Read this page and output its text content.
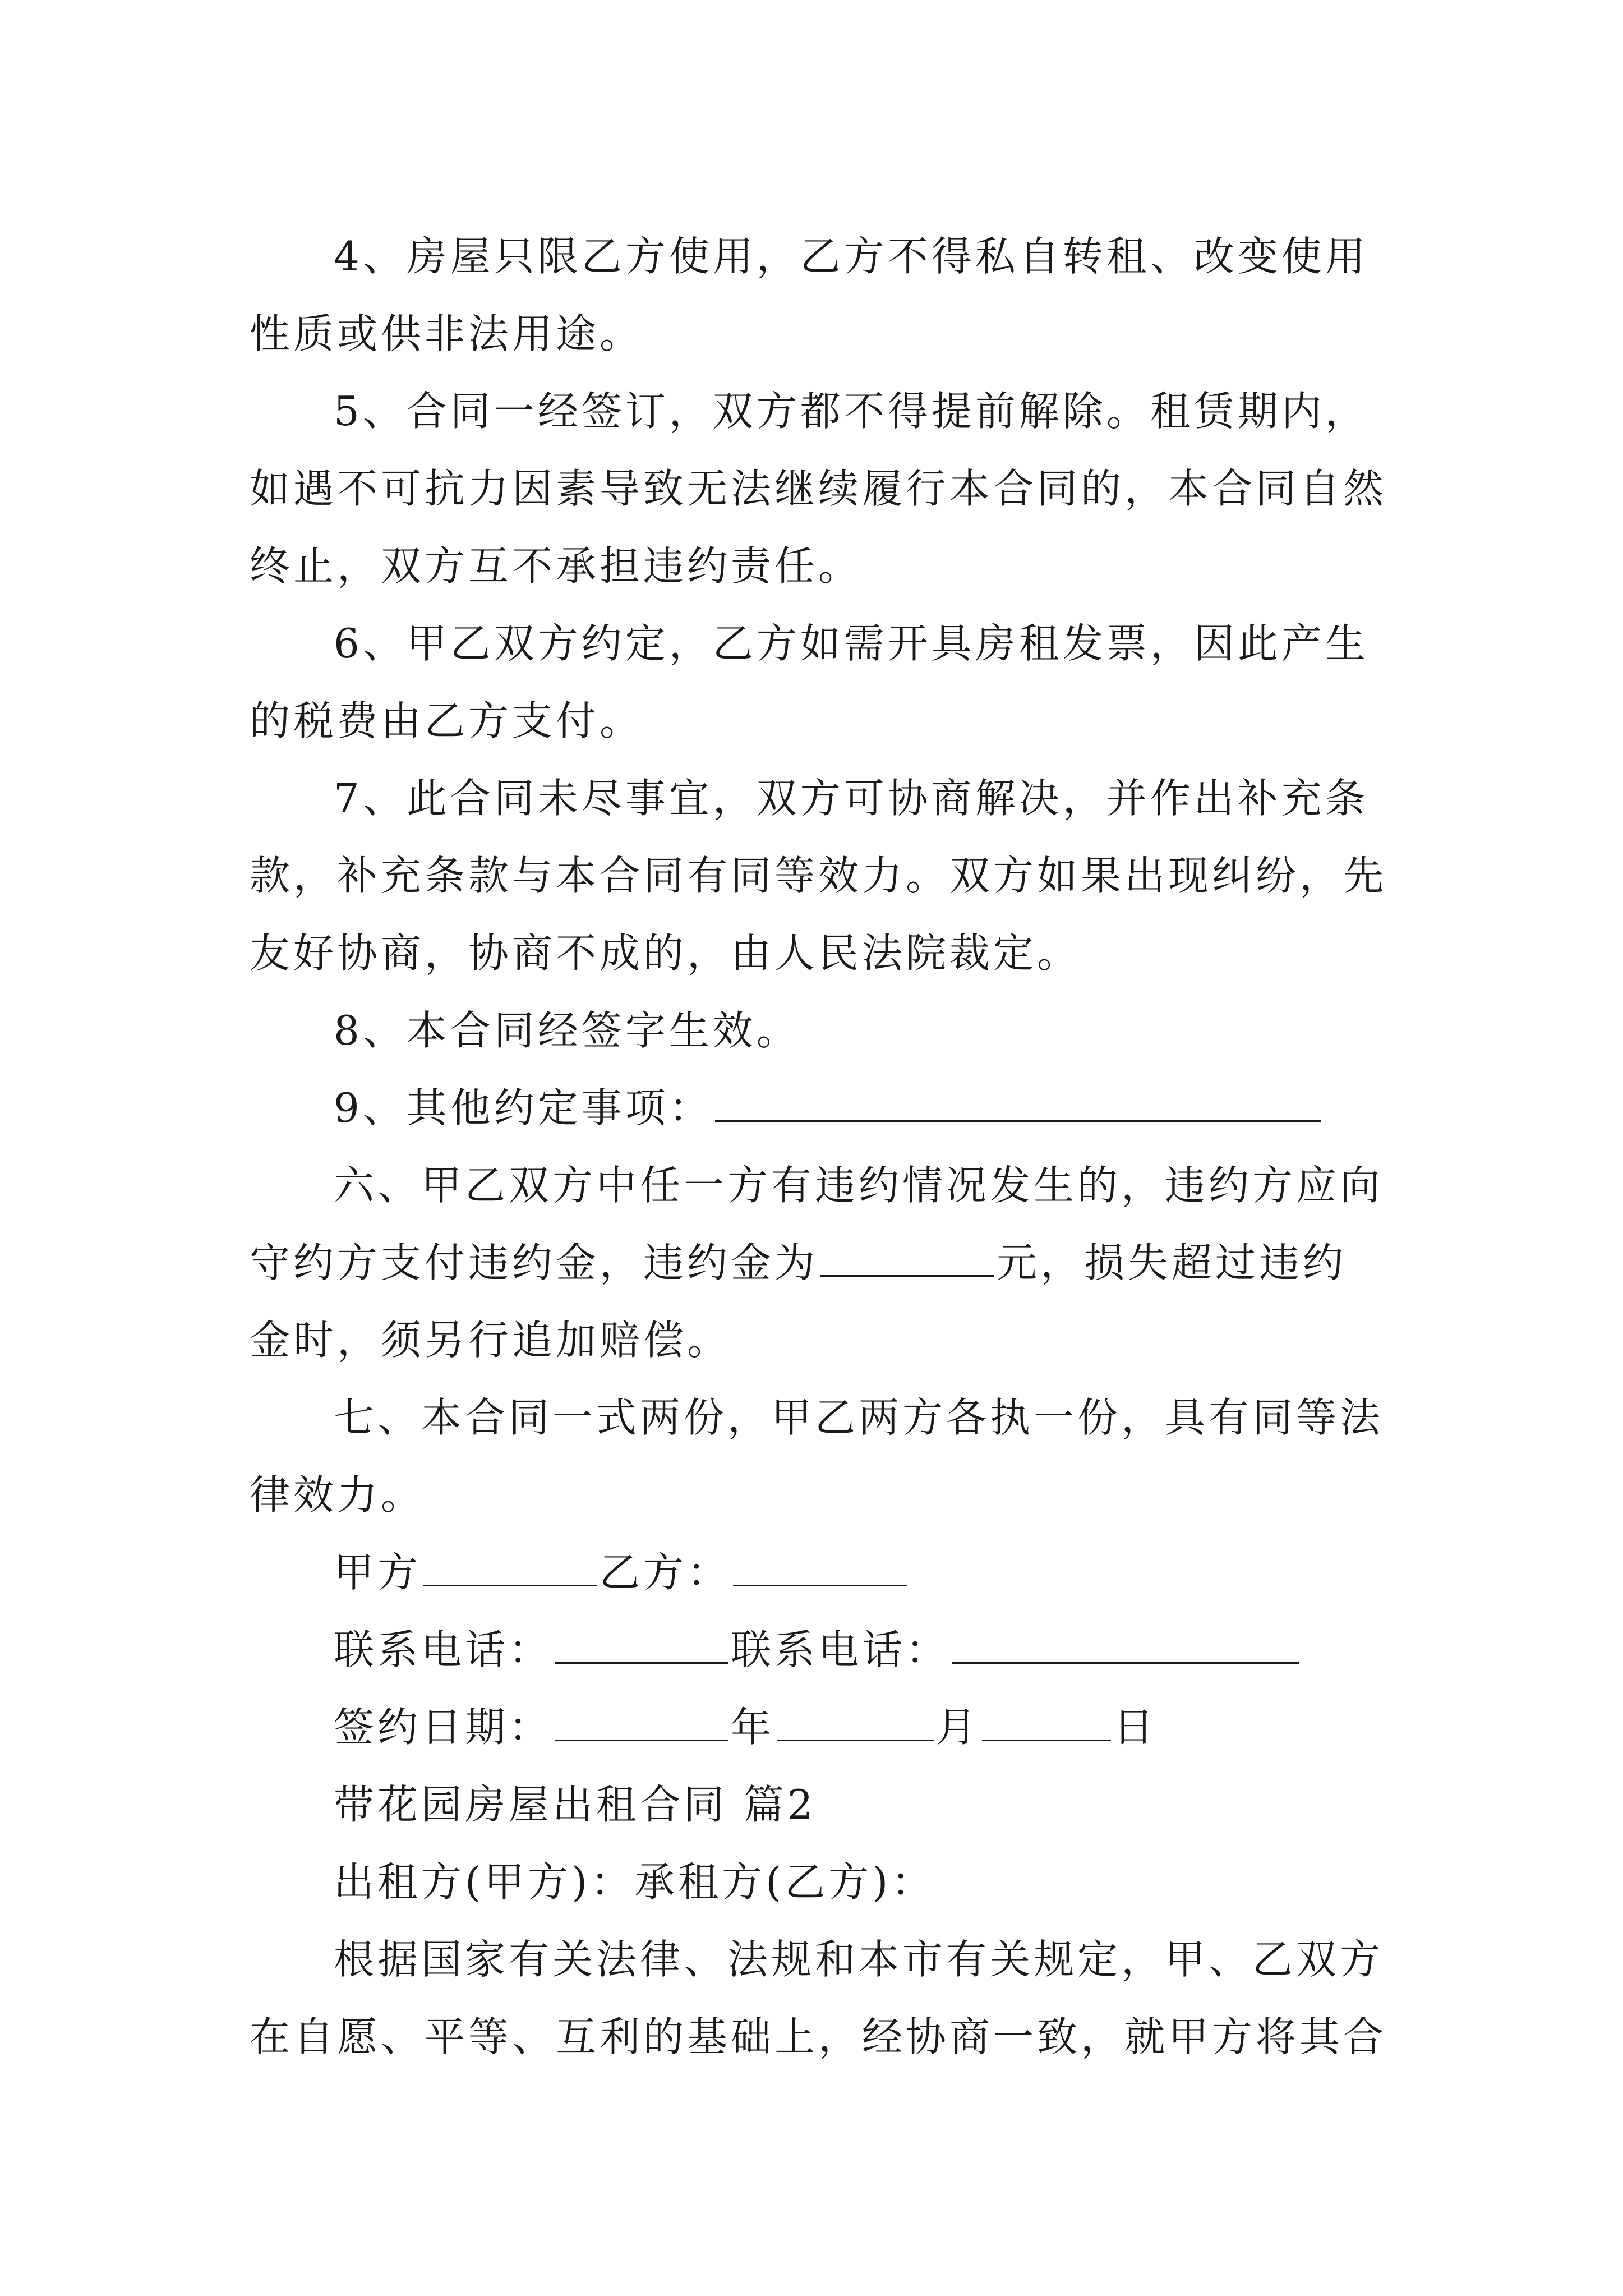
4、房屋只限乙方使用，乙方不得私自转租、改变使用性质或供非法用途。

5、合同一经签订，双方都不得提前解除。租赁期内，如遇不可抗力因素导致无法继续履行本合同的，本合同自然终止，双方互不承担违约责任。

6、甲乙双方约定，乙方如需开具房租发票，因此产生的税费由乙方支付。

7、此合同未尽事宜，双方可协商解决，并作出补充条款，补充条款与本合同有同等效力。双方如果出现纠纷，先友好协商，协商不成的，由人民法院裁定。

8、本合同经签字生效。

9、其他约定事项：

六、甲乙双方中任一方有违约情况发生的，违约方应向守约方支付违约金，违约金为	元，损失超过违约金时，须另行追加赔偿。

七、本合同一式两份，甲乙两方各执一份，具有同等法律效力。

甲方	乙方：

联系电话：	联系电话：

签约日期：	年	月	日

带花园房屋出租合同 篇2

出租方(甲方)：承租方(乙方)：

根据国家有关法律、法规和本市有关规定，甲、乙双方在自愿、平等、互利的基础上，经协商一致，就甲方将其合
